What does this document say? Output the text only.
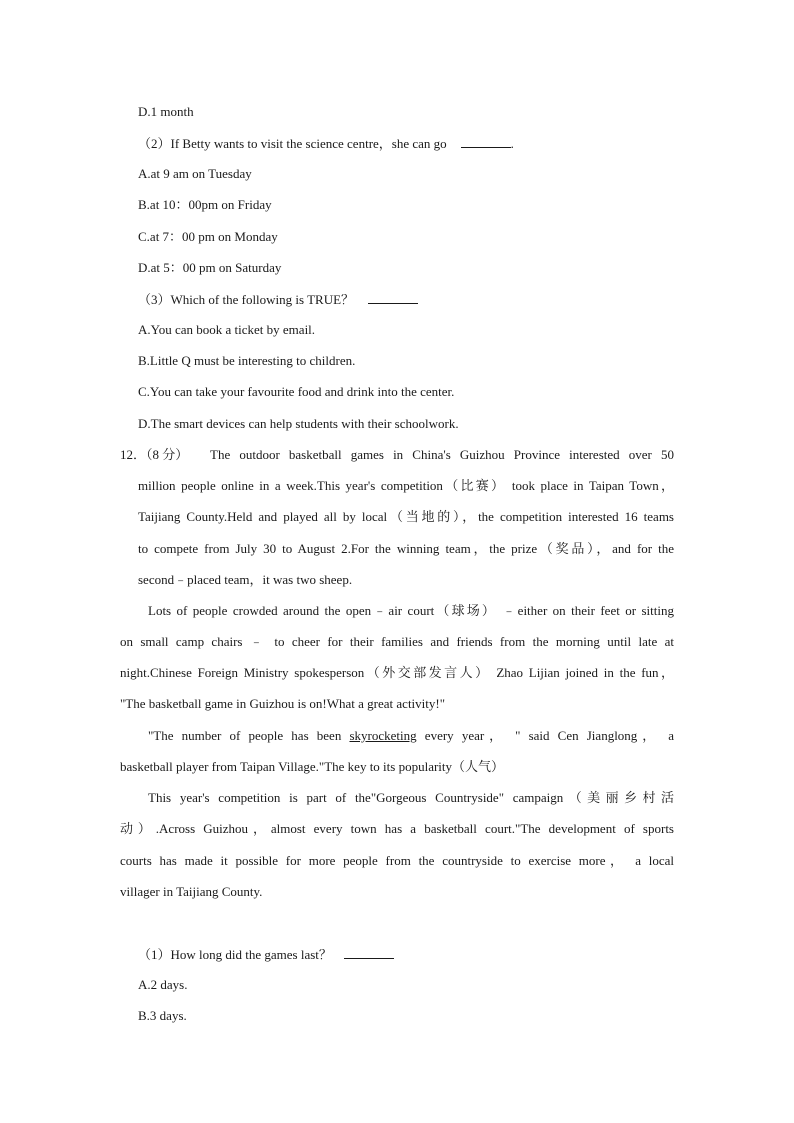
D.1 month
（2）If Betty wants to visit the science centre，she can go	.
A.at 9 am on Tuesday
B.at 10：00pm on Friday
C.at 7：00 pm on Monday
D.at 5：00 pm on Saturday
（3）Which of the following is TRUE？
A.You can book a ticket by email.
B.Little Q must be interesting to children.
C.You can take your favourite food and drink into the center.
D.The smart devices can help students with their schoolwork.
12．（8 分） The outdoor basketball games in China's Guizhou Province interested over 50
million people online in a week.This year's competition（比赛） took place in Taipan Town，
Taijiang County.Held and played all by local（当地的），the competition interested 16 teams
to compete from July 30 to August 2.For the winning team，the prize（奖品），and for the
second﹣placed team，it was two sheep.
Lots of people crowded around the open﹣air court（球场） ﹣either on their feet or sitting
on small camp chairs ﹣ to cheer for their families and friends from the morning until late at
night.Chinese Foreign Ministry spokesperson（外交部发言人） Zhao Lijian joined in the fun，
"The basketball game in Guizhou is on!What a great activity!"
"The number of people has been skyrocketing every year， " said Cen Jianglong， a
basketball player from Taipan Village."The key to its popularity（人气）
This year's competition is part of the"Gorgeous Countryside" campaign（美丽乡村活
动）.Across Guizhou，almost every town has a basketball court."The development of sports
courts has made it possible for more people from the countryside to exercise more， a local
villager in Taijiang County.
（1）How long did the games last？
A.2 days.
B.3 days.
